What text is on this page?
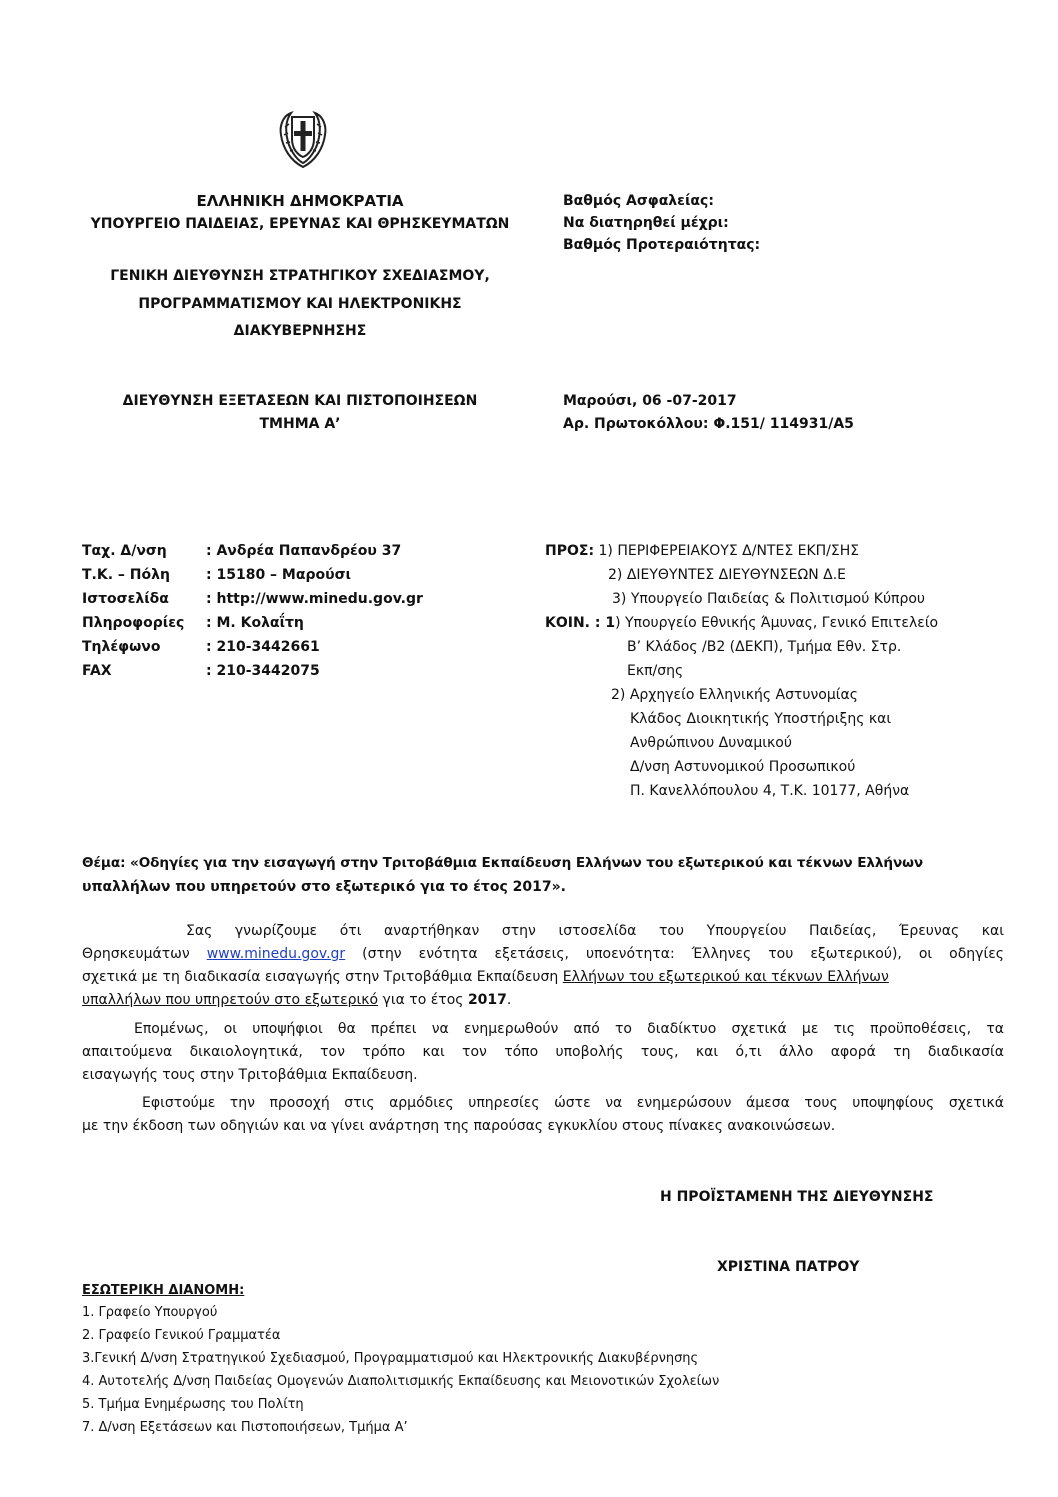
ΕΛΛΗΝΙΚΗ ΔΗΜΟΚΡΑΤΙΑ
ΥΠΟΥΡΓΕΙΟ ΠΑΙΔΕΙΑΣ, ΕΡΕΥΝΑΣ ΚΑΙ ΘΡΗΣΚΕΥΜΑΤΩΝ
ΓΕΝΙΚΗ ΔΙΕΥΘΥΝΣΗ ΣΤΡΑΤΗΓΙΚΟΥ ΣΧΕΔΙΑΣΜΟΥ,
ΠΡΟΓΡΑΜΜΑΤΙΣΜΟΥ ΚΑΙ ΗΛΕΚΤΡΟΝΙΚΗΣ
ΔΙΑΚΥΒΕΡΝΗΣΗΣ
ΔΙΕΥΘΥΝΣΗ ΕΞΕΤΑΣΕΩΝ ΚΑΙ ΠΙΣΤΟΠΟΙΗΣΕΩΝ
ΤΜΗΜΑ Α’
Βαθμός Ασφαλείας:
Να διατηρηθεί μέχρι:
Βαθμός Προτεραιότητας:
Μαρούσι, 06 -07-2017
Αρ. Πρωτοκόλλου: Φ.151/ 114931/Α5
Ταχ. Δ/νση	: Ανδρέα Παπανδρέου 37
Τ.Κ. – Πόλη	: 15180 – Μαρούσι
Ιστοσελίδα	: http://www.minedu.gov.gr
Πληροφορίες : Μ. Κολαΐτη
Τηλέφωνο	: 210-3442661
FAX	: 210-3442075
ΠΡΟΣ: 1) ΠΕΡΙΦΕΡΕΙΑΚΟΥΣ Δ/ΝΤΕΣ ΕΚΠ/ΣΗΣ
2) ΔΙΕΥΘΥΝΤΕΣ ΔΙΕΥΘΥΝΣΕΩΝ Δ.Ε
3) Υπουργείο Παιδείας & Πολιτισμού Κύπρου
ΚΟΙΝ. : 1) Υπουργείο Εθνικής Άμυνας, Γενικό Επιτελείο
Β’ Κλάδος /Β2 (ΔΕΚΠ), Τμήμα Εθν. Στρ.
Εκπ/σης
2) Αρχηγείο Ελληνικής Αστυνομίας
Κλάδος Διοικητικής Υποστήριξης και
Ανθρώπινου Δυναμικού
Δ/νση Αστυνομικού Προσωπικού
Π. Κανελλόπουλου 4, Τ.Κ. 10177, Αθήνα
Θέμα: «Οδηγίες για την εισαγωγή στην Τριτοβάθμια Εκπαίδευση Ελλήνων του εξωτερικού και τέκνων Ελλήνων
υπαλλήλων που υπηρετούν στο εξωτερικό για το έτος 2017».
Σας γνωρίζουμε ότι αναρτήθηκαν στην ιστοσελίδα του Υπουργείου Παιδείας, Έρευνας και
Θρησκευμάτων www.minedu.gov.gr (στην ενότητα εξετάσεις, υποενότητα: Έλληνες του εξωτερικού), οι οδηγίες
σχετικά με τη διαδικασία εισαγωγής στην Τριτοβάθμια Εκπαίδευση Ελλήνων του εξωτερικού και τέκνων Ελλήνων
υπαλλήλων που υπηρετούν στο εξωτερικό για το έτος 2017.
Επομένως, οι υποψήφιοι θα πρέπει να ενημερωθούν από το διαδίκτυο σχετικά με τις προϋποθέσεις, τα
απαιτούμενα δικαιολογητικά, τον τρόπο και τον τόπο υποβολής τους, και ό,τι άλλο αφορά τη διαδικασία
εισαγωγής τους στην Τριτοβάθμια Εκπαίδευση.
Εφιστούμε την προσοχή στις αρμόδιες υπηρεσίες ώστε να ενημερώσουν άμεσα τους υποψηφίους σχετικά
με την έκδοση των οδηγιών και να γίνει ανάρτηση της παρούσας εγκυκλίου στους πίνακες ανακοινώσεων.
Η ΠΡΟΪΣΤΑΜΕΝΗ ΤΗΣ ΔΙΕΥΘΥΝΣΗΣ
ΧΡΙΣΤΙΝΑ ΠΑΤΡΟΥ
ΕΣΩΤΕΡΙΚΗ ΔΙΑΝΟΜΗ:
1. Γραφείο Υπουργού
2. Γραφείο Γενικού Γραμματέα
3.Γενική Δ/νση Στρατηγικού Σχεδιασμού, Προγραμματισμού και Ηλεκτρονικής Διακυβέρνησης
4. Αυτοτελής Δ/νση Παιδείας Ομογενών Διαπολιτισμικής Εκπαίδευσης και Μειονοτικών Σχολείων
5. Τμήμα Ενημέρωσης του Πολίτη
7. Δ/νση Εξετάσεων και Πιστοποιήσεων, Τμήμα Α’
